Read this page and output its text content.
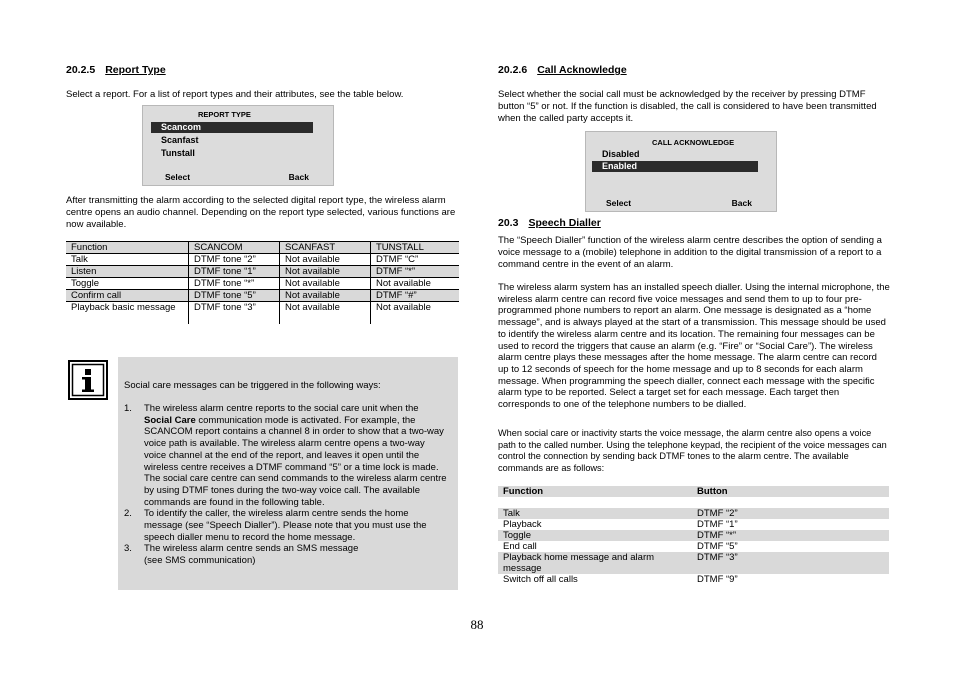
20.2.5 Report Type

Select a report. For a list of report types and their attributes, see the table below.

REPORT TYPE
Scancom
Scanfast
Tunstall
Select	Back

After transmitting the alarm according to the selected digital report type, the wireless alarm centre opens an audio channel. Depending on the report type selected, various functions are now available.

Function	SCANCOM	SCANFAST	TUNSTALL
Talk	DTMF tone “2”	Not available	DTMF “C”
Listen	DTMF tone “1”	Not available	DTMF “*”
Toggle	DTMF tone “*”	Not available	Not available
Confirm call	DTMF tone “5”	Not available	DTMF “#”
Playback basic message	DTMF tone “3”	Not available	Not available

Social care messages can be triggered in the following ways:

1. The wireless alarm centre reports to the social care unit when the Social Care communication mode is activated. For example, the SCANCOM report contains a channel 8 in order to show that a two-way voice path is available. The wireless alarm centre opens a two-way voice channel at the end of the report, and leaves it open until the wireless centre receives a DTMF command “5” or a time lock is made. The social care centre can send commands to the wireless alarm centre by using DTMF tones during the two-way voice call. The available commands are found in the following table.
2. To identify the caller, the wireless alarm centre sends the home message (see “Speech Dialler”). Please note that you must use the speech dialler menu to record the home message.
3. The wireless alarm centre sends an SMS message
(see SMS communication)
20.2.6 Call Acknowledge

Select whether the social call must be acknowledged by the receiver by pressing DTMF button “5” or not. If the function is disabled, the call is considered to have been transmitted when the called party accepts it.

CALL ACKNOWLEDGE
Disabled
Enabled
Select	Back
20.3 Speech Dialler

The “Speech Dialler” function of the wireless alarm centre describes the option of sending a voice message to a (mobile) telephone in addition to the digital transmission of a report to a command centre in the event of an alarm.

The wireless alarm system has an installed speech dialler. Using the internal microphone, the wireless alarm centre can record five voice messages and send them to up to four pre-programmed phone numbers to report an alarm. One message is designated as a “home message”, and is always played at the start of a transmission. This message should be used to identify the wireless alarm centre and its location. The remaining four messages can be used to record the triggers that cause an alarm (e.g. “Fire” or “Social Care”). The wireless alarm centre plays these messages after the home message. The alarm centre can record up to 12 seconds of speech for the home message and up to 8 seconds for each alarm message. When programming the speech dialler, connect each message with the specific alarm type to be reported. Select a target set for each message. Each target then corresponds to one of the telephone numbers to be dialled.

When social care or inactivity starts the voice message, the alarm centre also opens a voice path to the called number. Using the telephone keypad, the recipient of the voice messages can control the connection by sending back DTMF tones to the alarm centre. The available commands are as follows:

Function	Button

Talk	DTMF “2”
Playback	DTMF “1”
Toggle	DTMF “*”
End call	DTMF “5”
Playback home message and alarm message	DTMF “3”
Switch off all calls	DTMF “9”
88
